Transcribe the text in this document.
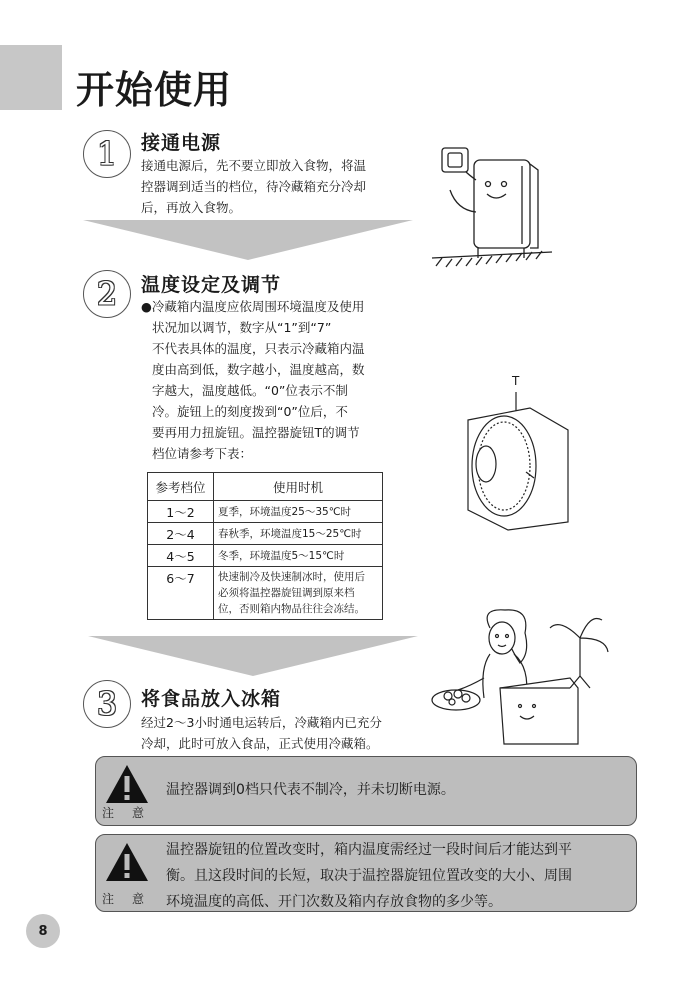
开始使用
1	接通电源
接通电源后，先不要立即放入食物，将温
控器调到适当的档位，待冷藏箱充分冷却
后，再放入食物。
2	温度设定及调节
●冷藏箱内温度应依周围环境温度及使用
状况加以调节，数字从“1”到“7”
不代表具体的温度，只表示冷藏箱内温
度由高到低，数字越小，温度越高，数
字越大，温度越低。“0”位表示不制
冷。旋钮上的刻度拨到“0”位后，不
要再用力扭旋钮。温控器旋钮T的调节
档位请参考下表：
T
参考档位	使用时机
1～2	夏季，环境温度25～35℃时
2～4	春秋季，环境温度15～25℃时
4～5	冬季，环境温度5～15℃时
6～7	快速制冷及快速制冰时，使用后
必须将温控器旋钮调到原来档
位，否则箱内物品往往会冻结。
3	将食品放入冰箱
经过2～3小时通电运转后，冷藏箱内已充分
冷却，此时可放入食品，正式使用冷藏箱。
注意
温控器调到0档只代表不制冷，并未切断电源。
注意
温控器旋钮的位置改变时，箱内温度需经过一段时间后才能达到平
衡。且这段时间的长短，取决于温控器旋钮位置改变的大小、周围
环境温度的高低、开门次数及箱内存放食物的多少等。
8
